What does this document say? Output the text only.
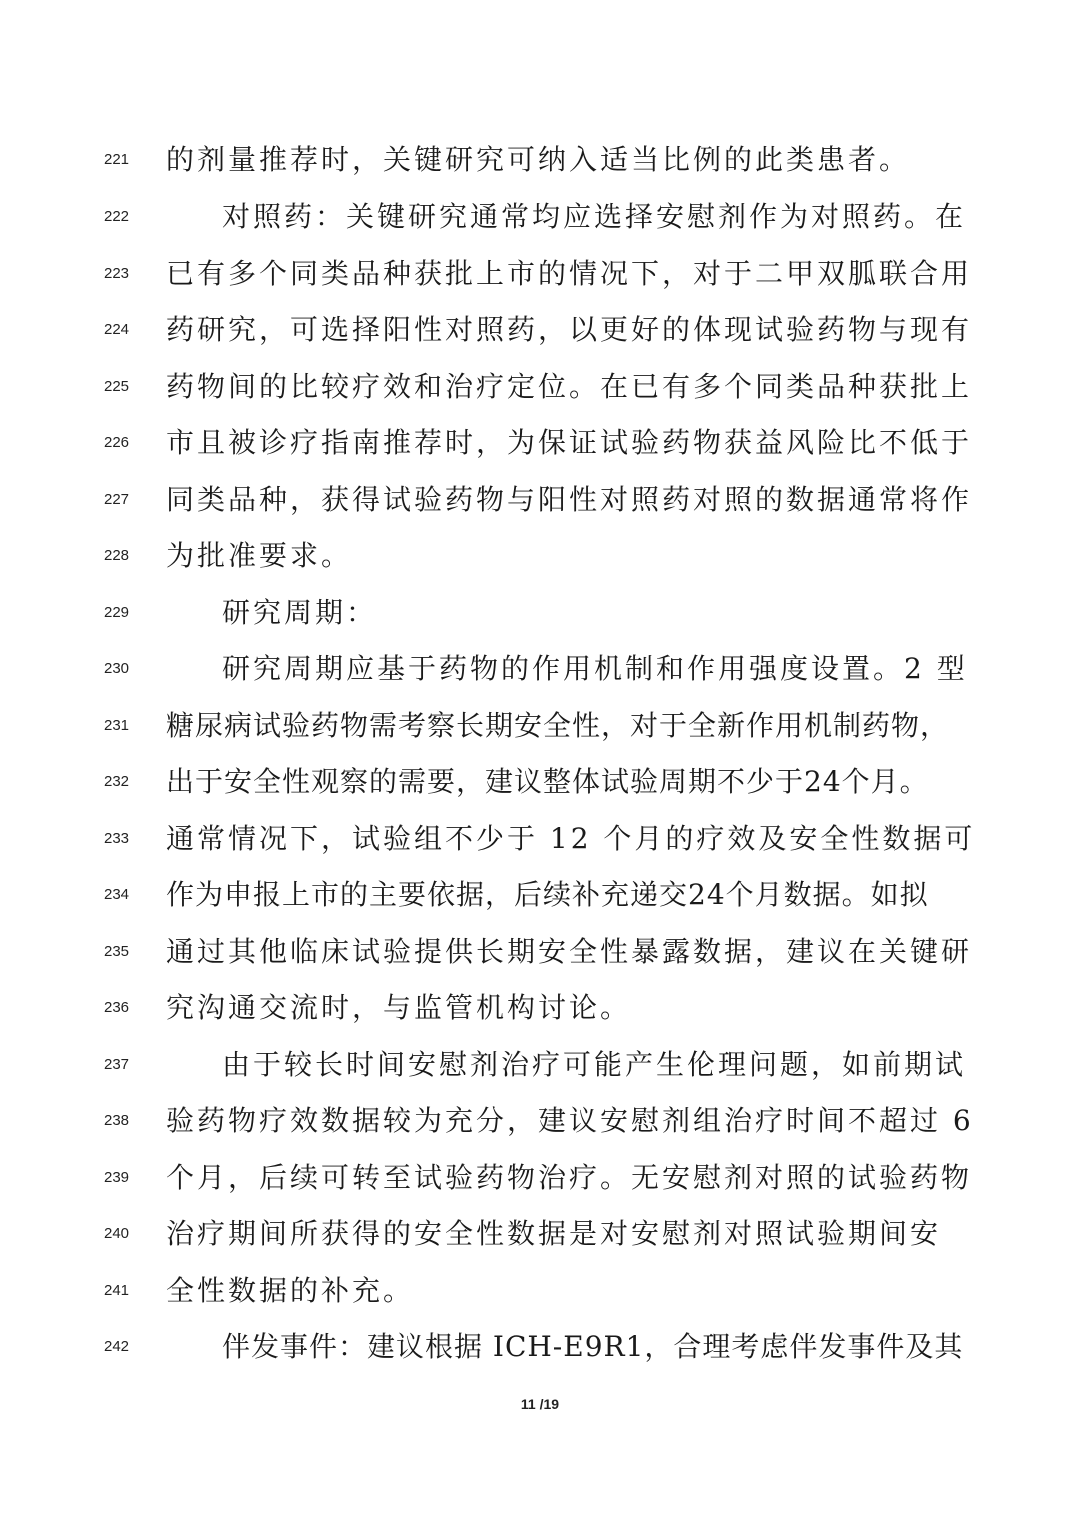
221 的剂量推荐时，关键研究可纳入适当比例的此类患者。
222	对照药：关键研究通常均应选择安慰剂作为对照药。在
223 已有多个同类品种获批上市的情况下，对于二甲双胍联合用
224 药研究，可选择阳性对照药，以更好的体现试验药物与现有
225 药物间的比较疗效和治疗定位。在已有多个同类品种获批上
226 市且被诊疗指南推荐时，为保证试验药物获益风险比不低于
227 同类品种，获得试验药物与阳性对照药对照的数据通常将作
228 为批准要求。
229	研究周期：
230	研究周期应基于药物的作用机制和作用强度设置。2 型
231 糖尿病试验药物需考察长期安全性，对于全新作用机制药物，
232 出于安全性观察的需要，建议整体试验周期不少于24个月。
233 通常情况下，试验组不少于 12 个月的疗效及安全性数据可
234 作为申报上市的主要依据，后续补充递交24个月数据。如拟
235 通过其他临床试验提供长期安全性暴露数据，建议在关键研
236 究沟通交流时，与监管机构讨论。
237	由于较长时间安慰剂治疗可能产生伦理问题，如前期试
238 验药物疗效数据较为充分，建议安慰剂组治疗时间不超过 6
239 个月，后续可转至试验药物治疗。无安慰剂对照的试验药物
240 治疗期间所获得的安全性数据是对安慰剂对照试验期间安
241 全性数据的补充。
242	伴发事件：建议根据 ICH-E9R1，合理考虑伴发事件及其
11 /19
